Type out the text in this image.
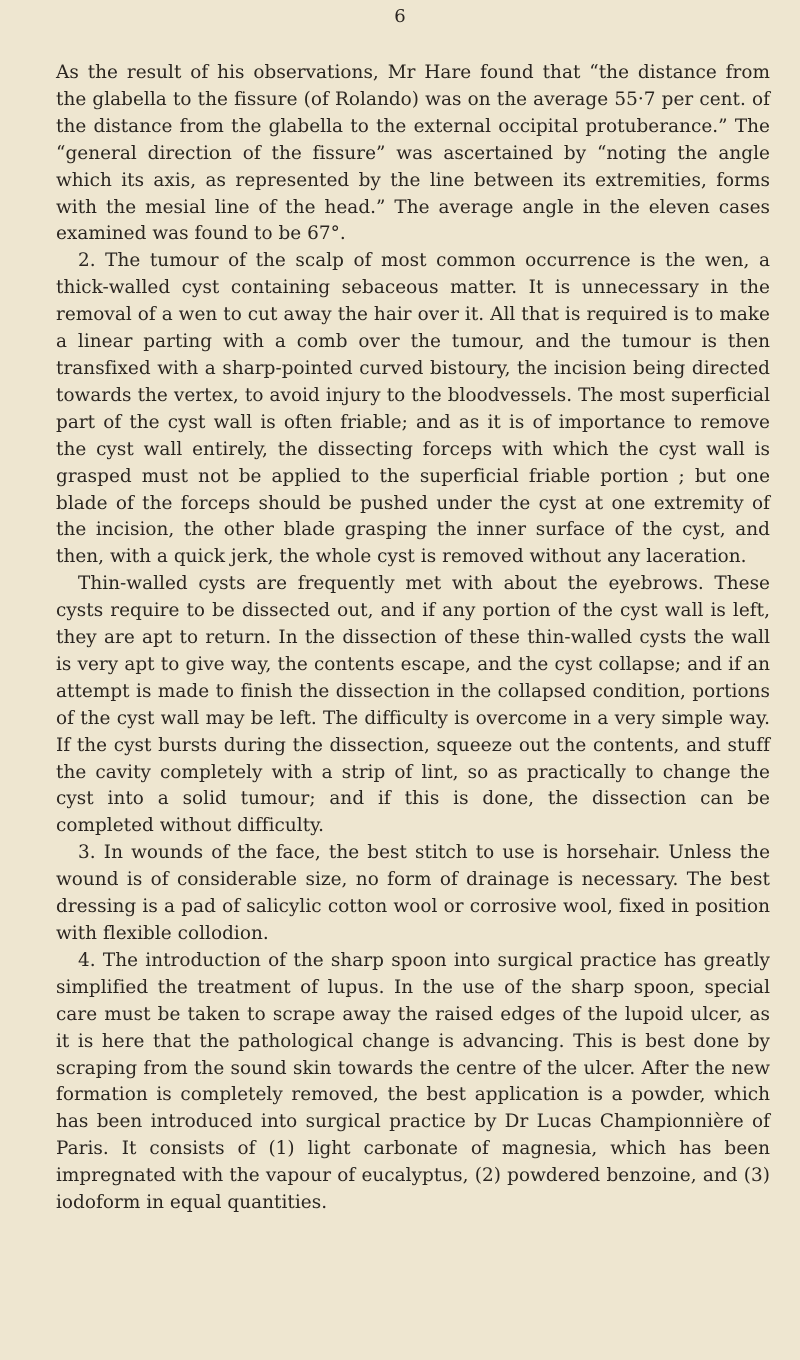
6

As the result of his observations, Mr Hare found that “the distance from the glabella to the fissure (of Rolando) was on the average 55·7 per cent. of the distance from the glabella to the external occipital protuberance.” The “general direction of the fissure” was ascertained by “noting the angle which its axis, as represented by the line between its extremities, forms with the mesial line of the head.” The average angle in the eleven cases examined was found to be 67°.

2. The tumour of the scalp of most common occurrence is the wen, a thick-walled cyst containing sebaceous matter. It is unnecessary in the removal of a wen to cut away the hair over it. All that is required is to make a linear parting with a comb over the tumour, and the tumour is then transfixed with a sharp-pointed curved bistoury, the incision being directed towards the vertex, to avoid injury to the bloodvessels. The most superficial part of the cyst wall is often friable; and as it is of importance to remove the cyst wall entirely, the dissecting forceps with which the cyst wall is grasped must not be applied to the superficial friable portion ; but one blade of the forceps should be pushed under the cyst at one extremity of the incision, the other blade grasping the inner surface of the cyst, and then, with a quick jerk, the whole cyst is removed without any laceration.

Thin-walled cysts are frequently met with about the eyebrows. These cysts require to be dissected out, and if any portion of the cyst wall is left, they are apt to return. In the dissection of these thin-walled cysts the wall is very apt to give way, the contents escape, and the cyst collapse; and if an attempt is made to finish the dissection in the collapsed condition, portions of the cyst wall may be left. The difficulty is overcome in a very simple way. If the cyst bursts during the dissection, squeeze out the contents, and stuff the cavity completely with a strip of lint, so as practically to change the cyst into a solid tumour; and if this is done, the dissection can be completed without difficulty.

3. In wounds of the face, the best stitch to use is horsehair. Unless the wound is of considerable size, no form of drainage is necessary. The best dressing is a pad of salicylic cotton wool or corrosive wool, fixed in position with flexible collodion.

4. The introduction of the sharp spoon into surgical practice has greatly simplified the treatment of lupus. In the use of the sharp spoon, special care must be taken to scrape away the raised edges of the lupoid ulcer, as it is here that the pathological change is advancing. This is best done by scraping from the sound skin towards the centre of the ulcer. After the new formation is completely removed, the best application is a powder, which has been introduced into surgical practice by Dr Lucas Championnière of Paris. It consists of (1) light carbonate of magnesia, which has been impregnated with the vapour of eucalyptus, (2) powdered benzoine, and (3) iodoform in equal quantities.
